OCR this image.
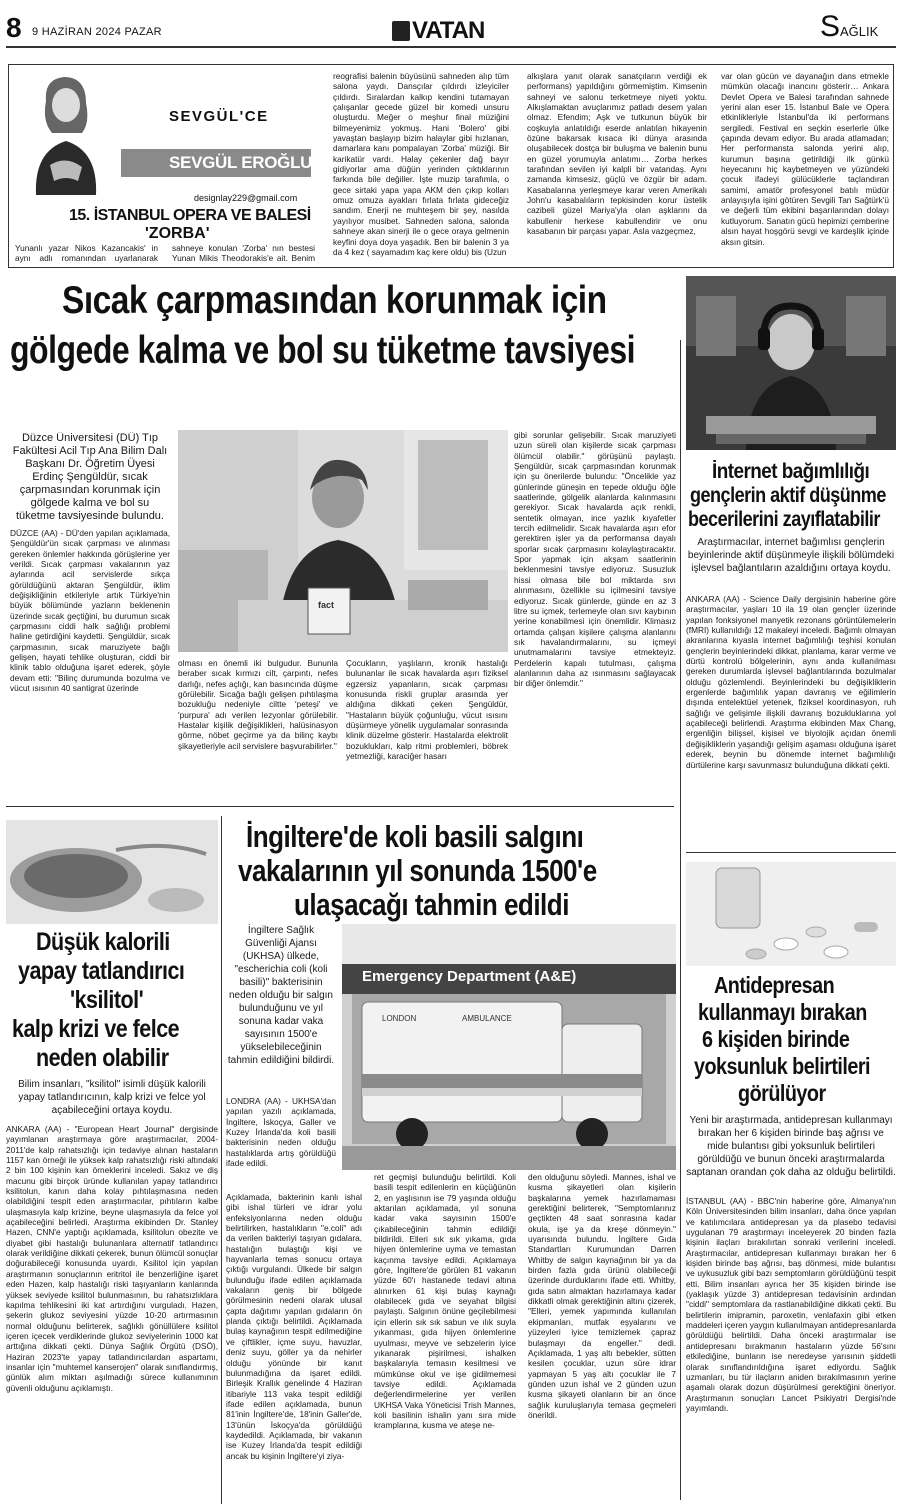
8 9 HAZİRAN 2024 PAZAR	VATAN	SAĞLIK
SEVGÜL'CE
SEVGÜL EROĞLU
designlay229@gmail.com
15. İSTANBUL OPERA VE BALESİ
'ZORBA'
Yunanlı yazar Nikos Kazancakis' in aynı adlı romanından uyarlanarak sahneye konulan 'Zorba' nın bestesi Yunan Mikis Theodorakis'e ait. Benim
reografisi balenin büyüsünü sahneden alıp tüm salona yaydı. Dansçılar çıldırdı izleyiciler çıldırdı. Sıralardan kalkıp kendini tutamayan çalışanlar gecede güzel bir komedi unsuru oluşturdu. Meğer o meşhur final müziğini bilmeyenimiz yokmuş. Hani 'Bolero' gibi yavaştan başlayıp bizim halaylar gibi hızlanan, damarlara kanı pompalayan 'Zorba' müziği. Bir karikatür vardı. Halay çekenler dağ bayır gidiyorlar ama düğün yerinden çıktıklarının farkında bile değiller. İşte muzip tarafımla, o gece sirtaki yapa yapa AKM den çıkıp kolları omuz omuza ayakları fırlata fırlata gideceğiz sandım. Enerji ne muhteşem bir şey, nasılda yayılıyor musibet. Sahneden salona, salonda sahneye akan sinerji ile o gece oraya gelmenin keyfini doya doya yaşadık. Ben bir balenin 3 ya da 4 kez ( sayamadım kaç kere oldu) bis (Uzun
alkışlara yanıt olarak sanatçıların verdiği ek performans) yapıldığını görmemiştim. Kimsenin sahneyi ve salonu terketmeye niyeti yoktu. Alkışlamaktan avuçlarımız patladı desem yalan olmaz. Efendim; Aşk ve tutkunun büyük bir coşkuyla anlatıldığı eserde anlatılan hikayenin özüne bakarsak kısaca iki dünya arasında oluşabilecek dostça bir buluşma ve balenin bunu en güzel yorumuyla anlatımı… Zorba herkes tarafından sevilen iyi kalpli bir vatandaş. Aynı zamanda kimsesiz, güçlü ve özgür bir adam. Kasabalarına yerleşmeye karar veren Amerikalı John'u kasabalıların tepkisinden korur üstelik cazibeli güzel Mariya'yla olan aşklarını da kabullenir herkese kabullendirir ve onu kasabanın bir parçası yapar. Asla vazgeçmez,
var olan gücün ve dayanağın dans etmekle mümkün olacağı inancını gösterir… Ankara Devlet Opera ve Balesi tarafından sahnede yerini alan eser 15. İstanbul Bale ve Opera etkinlikleriyle İstanbul'da iki performans sergiledi. Festival en seçkin eserlerle ülke çapında devam ediyor. Bu arada atlamadan; Her performansta salonda yerini alıp, kurumun başına getirildiği ilk günkü heyecanını hiç kaybetmeyen ve yüzündeki çocuk ifadeyi gülücüklerle taçlandıran samimi, amatör profesyonel batılı müdür anlayışıyla işini götüren Sevgili Tan Sağtürk'ü ve değerli tüm ekibini başarılarından dolayı kutluyorum. Sanatın gücü hepimizi çemberine alsın hayat hoşgörü sevgi ve kardeşlik içinde aksın gitsin.
Sıcak çarpmasından korunmak için
gölgede kalma ve bol su tüketme tavsiyesi
Düzce Üniversitesi (DÜ) Tıp Fakültesi Acil Tıp Ana Bilim Dalı Başkanı Dr. Öğretim Üyesi Erdinç Şengüldür, sıcak çarpmasından korunmak için gölgede kalma ve bol su tüketme tavsiyesinde bulundu.
DÜZCE (AA) - DÜ'den yapılan açıklamada, Şengüldür'ün sıcak çarpması ve alınması gereken önlemler hakkında görüşlerine yer verildi. Sıcak çarpması vakalarının yaz aylarında acil servislerde sıkça görüldüğünü aktaran Şengüldür, iklim değişikliğinin etkileriyle artık Türkiye'nin büyük bölümünde yazların beklenenin üzerinde sıcak geçtiğini, bu durumun sıcak çarpmasını ciddi halk sağlığı problemi haline getirdiğini kaydetti. Şengüldür, sıcak çarpmasının, sıcak maruziyete bağlı gelişen, hayati tehlike oluşturan, ciddi bir klinik tablo olduğuna işaret ederek, şöyle devam etti: "Bilinç durumunda bozulma ve vücut ısısının 40 santigrat üzerinde
fact
olması en önemli iki bulgudur. Bununla beraber sıcak kırmızı cilt, çarpıntı, nefes darlığı, nefes açlığı, kan basıncında düşme görülebilir. Sıcağa bağlı gelişen pıhtılaşma bozukluğu nedeniyle ciltte 'peteşi' ve 'purpura' adı verilen lezyonlar görülebilir. Hastalar kişilik değişiklikleri, halüsinasyon görme, nöbet geçirme ya da bilinç kaybı şikayetleriyle acil servislere başvurabilirler."
Çocukların, yaşlıların, kronik hastalığı bulunanlar ile sıcak havalarda aşırı fiziksel egzersiz yapanların, sıcak çarpması konusunda riskli gruplar arasında yer aldığına dikkati çeken Şengüldür, "Hastaların büyük çoğunluğu, vücut ısısını düşürmeye yönelik uygulamalar sonrasında klinik düzelme gösterir. Hastalarda elektrolit bozuklukları, kalp ritmi problemleri, böbrek yetmezliği, karaciğer hasarı
gibi sorunlar gelişebilir. Sıcak maruziyeti uzun süreli olan kişilerde sıcak çarpması ölümcül olabilir." görüşünü paylaştı. Şengüldür, sıcak çarpmasından korunmak için şu önerilerde bulundu: "Öncelikle yaz günlerinde güneşin en tepede olduğu öğle saatlerinde, gölgelik alanlarda kalınmasını gerekiyor. Sıcak havalarda açık renkli, sentetik olmayan, ince yazlık kıyafetler tercih edilmelidir. Sıcak havalarda aşırı efor gerektiren işler ya da performansa dayalı sporlar sıcak çarpmasını kolaylaştıracaktır. Spor yapmak için akşam saatlerinin beklenmesini tavsiye ediyoruz. Susuzluk hissi olmasa bile bol miktarda sıvı alınmasını, özellikle su içilmesini tavsiye ediyoruz. Sıcak günlerde, günde en az 3 litre su içmek, terlemeyle olan sıvı kaybının yerine konabilmesi için önemlidir. Klimasız ortamda çalışan kişilere çalışma alanlarını sık havalandırmalarını, su içmeyi unutmamalarını tavsiye etmekteyiz. Perdelerin kapalı tutulması, çalışma alanlarının daha az ısınmasını sağlayacak bir diğer önlemdir."
İnternet bağımlılığı
gençlerin aktif düşünme
becerilerini zayıflatabilir
Araştırmacılar, internet bağımlısı gençlerin beyinlerinde aktif düşünmeyle ilişkili bölümdeki işlevsel bağlantıların azaldığını ortaya koydu.
ANKARA (AA) - Science Daily dergisinin haberine göre araştırmacılar, yaşları 10 ila 19 olan gençler üzerinde yapılan fonksiyonel manyetik rezonans görüntülemelerin (fMRI) kullanıldığı 12 makaleyi inceledi. Bağımlı olmayan akranlarına kıyasla internet bağımlılığı teşhisi konulan gençlerin beyinlerindeki dikkat, planlama, karar verme ve dürtü kontrolü bölgelerinin, aynı anda kullanılması gereken durumlarda işlevsel bağlantılarında bozulmalar olduğu gözlemlendi. Beyinlerindeki bu değişikliklerin ergenlerde bağımlılık yapan davranış ve eğilimlerin dışında entelektüel yetenek, fiziksel koordinasyon, ruh sağlığı ve gelişimle ilişkili davranış bozukluklarına yol açabileceği belirlendi. Araştırma ekibinden Max Chang, ergenliğin bilişsel, kişisel ve biyolojik açıdan önemli değişikliklerin yaşandığı gelişim aşaması olduğuna işaret ederek, beynin bu dönemde internet bağımlılığı dürtülerine karşı savunmasız bulunduğuna dikkati çekti.
Düşük kalorili
yapay tatlandırıcı
'ksilitol'
kalp krizi ve felce
neden olabilir
Bilim insanları, "ksilitol" isimli düşük kalorili yapay tatlandırıcının, kalp krizi ve felce yol açabileceğini ortaya koydu.
ANKARA (AA) - "European Heart Journal" dergisinde yayımlanan araştırmaya göre araştırmacılar, 2004-2011'de kalp rahatsızlığı için tedaviye alınan hastaların 1157 kan örneği ile yüksek kalp rahatsızlığı riski altındaki 2 bin 100 kişinin kan örneklerini inceledi. Sakız ve diş macunu gibi birçok üründe kullanılan yapay tatlandırıcı ksilitolun, kanın daha kolay pıhtılaşmasına neden olabildiğini tespit eden araştırmacılar, pıhtıların kalbe ulaşmasıyla kalp krizine, beyne ulaşmasıyla da felce yol açabileceğini belirledi. Araştırma ekibinden Dr. Stanley Hazen, CNN'e yaptığı açıklamada, ksilitolun obezite ve diyabet gibi hastalığı bulunanlara alternatif tatlandırıcı olarak verildiğine dikkati çekerek, bunun ölümcül sonuçlar doğurabileceği konusunda uyardı. Ksilitol için yapılan araştırmanın sonuçlarının eritritol ile benzerliğine işaret eden Hazen, kalp hastalığı riski taşıyanların kanlarında yüksek seviyede ksilitol bulunmasının, bu rahatsızlıklara kapılma tehlikesini iki kat artırdığını vurguladı. Hazen, şekerin glukoz seviyesini yüzde 10-20 artırmasının normal olduğunu belirterek, sağlıklı gönüllülere ksilitol içeren içecek verdiklerinde glukoz seviyelerinin 1000 kat arttığına dikkati çekti. Dünya Sağlık Örgütü (DSÖ), Haziran 2023'te yapay tatlandırıcılardan aspartamı, insanlar için "muhtemel kanserojen" olarak sınıflandırmış, günlük alım miktarı aşılmadığı sürece kullanımının güvenli olduğunu açıklamıştı.
İngiltere'de koli basili salgını
vakalarının yıl sonunda 1500'e
ulaşacağı tahmin edildi
İngiltere Sağlık Güvenliği Ajansı (UKHSA) ülkede, "escherichia coli (koli basili)" bakterisinin neden olduğu bir salgın bulunduğunu ve yıl sonuna kadar vaka sayısının 1500'e yükselebileceğinin tahmin edildiğini bildirdi.
LONDRA (AA) - UKHSA'dan yapılan yazılı açıklamada, İngiltere, İskoçya, Galler ve Kuzey İrlanda'da koli basili bakterisinin neden olduğu hastalıklarda artış görüldüğü ifade edildi.
Emergency Department (A&E)
AMBULANCE
LONDON
Açıklamada, bakterinin kanlı ishal gibi ishal türleri ve idrar yolu enfeksiyonlarına neden olduğu belirtilirken, hastalıkların "e.coli" adı da verilen bakteriyi taşıyan gıdalara, hastalığın bulaştığı kişi ve hayvanlarla temas sonucu ortaya çıktığı vurgulandı. Ülkede bir salgın bulunduğu ifade edilen açıklamada vakaların geniş bir bölgede görülmesinin nedeni olarak ulusal çapta dağıtımı yapılan gıdaların ön planda çıktığı belirtildi. Açıklamada bulaş kaynağının tespit edilmediğine ve çiftlikler, içme suyu, havuzlar, deniz suyu, göller ya da nehirler olduğu yönünde bir kanıt bulunmadığına da işaret edildi. Birleşik Krallık genelinde 4 Haziran itibariyle 113 vaka tespit edildiği ifade edilen açıklamada, bunun 81'inin İngiltere'de, 18'inin Galler'de, 13'ünün İskoçya'da görüldüğü kaydedildi. Açıklamada, bir vakanın ise Kuzey İrlanda'da tespit edildiği ancak bu kişinin İngiltere'yi ziya-
ret geçmişi bulunduğu belirtildi. Koli basili tespit edilenlerin en küçüğünün 2, en yaşlısının ise 79 yaşında olduğu aktarılan açıklamada, yıl sonuna kadar vaka sayısının 1500'e çıkabileceğinin tahmin edildiği bildirildi. Elleri sık sık yıkama, gıda hijyen önlemlerine uyma ve temastan kaçınma tavsiye edildi. Açıklamaya göre, İngiltere'de görülen 81 vakanın yüzde 60'ı hastanede tedavi altına alınırken 61 kişi bulaş kaynağı olabilecek gıda ve seyahat bilgisi paylaştı. Salgının önüne geçilebilmesi için ellerin sık sık sabun ve ılık suyla yıkanması, gıda hijyen önlemlerine uyulması, meyve ve sebzelerin iyice yıkanarak pişirilmesi, ishalken başkalarıyla temasın kesilmesi ve mümkünse okul ve işe gidilmemesi tavsiye edildi. Açıklamada değerlendirmelerine yer verilen UKHSA Vaka Yöneticisi Trish Mannes, koli basilinin ishalin yanı sıra mide kramplarına, kusma ve ateşe ne-
den olduğunu söyledi. Mannes, ishal ve kusma şikayetleri olan kişilerin başkalarına yemek hazırlamaması gerektiğini belirterek, "Semptomlarınız geçtikten 48 saat sonrasına kadar okula, işe ya da kreşe dönmeyin." uyarısında bulundu. İngiltere Gıda Standartları Kurumundan Darren Whitby de salgın kaynağının bir ya da birden fazla gıda ürünü olabileceği üzerinde durduklarını ifade etti. Whitby, gıda satın almaktan hazırlamaya kadar dikkatli olmak gerektiğinin altını çizerek, "Elleri, yemek yapımında kullanılan ekipmanları, mutfak eşyalarını ve yüzeyleri iyice temizlemek çapraz bulaşmayı da engeller." dedi. Açıklamada, 1 yaş altı bebekler, sütten kesilen çocuklar, uzun süre idrar yapmayan 5 yaş altı çocuklar ile 7 günden uzun ishal ve 2 günden uzun kusma şikayeti olanların bir an önce sağlık kuruluşlarıyla temasa geçmeleri önerildi.
Antidepresan
kullanmayı bırakan
6 kişiden birinde
yoksunluk belirtileri
görülüyor
Yeni bir araştırmada, antidepresan kullanmayı bırakan her 6 kişiden birinde baş ağrısı ve mide bulantısı gibi yoksunluk belirtileri görüldüğü ve bunun önceki araştırmalarda saptanan orandan çok daha az olduğu belirtildi.
İSTANBUL (AA) - BBC'nin haberine göre, Almanya'nın Köln Üniversitesinden bilim insanları, daha önce yapılan ve katılımcılara antidepresan ya da plasebo tedavisi uygulanan 79 araştırmayı inceleyerek 20 binden fazla kişinin ilaçları bırakılırtan sonraki verilerini inceledi. Araştırmacılar, antidepresan kullanmayı bırakan her 6 kişiden birinde baş ağrısı, baş dönmesi, mide bulantısı ve uykusuzluk gibi bazı semptomların görüldüğünü tespit etti. Bilim insanları ayrıca her 35 kişiden birinde ise (yaklaşık yüzde 3) antidepresan tedavisinin ardından "ciddi" semptomlara da rastlanabildiğine dikkati çekti. Bu belirtilerin imipramin, paroxetin, venlafaxin gibi etken maddeleri içeren yaygın kullanılmayan antidepresanlarda görüldüğü belirtildi. Daha önceki araştırmalar ise antidepresanı bırakmanın hastaların yüzde 56'sını etkilediğine, bunların ise neredeyse yarısının şiddetli olarak sınıflandırıldığına işaret ediyordu. Sağlık uzmanları, bu tür ilaçların aniden bırakılmasının yerine aşamalı olarak dozun düşürülmesi gerektiğini öneriyor. Araştırmanın sonuçları Lancet Psikiyatri Dergisi'nde yayımlandı.
